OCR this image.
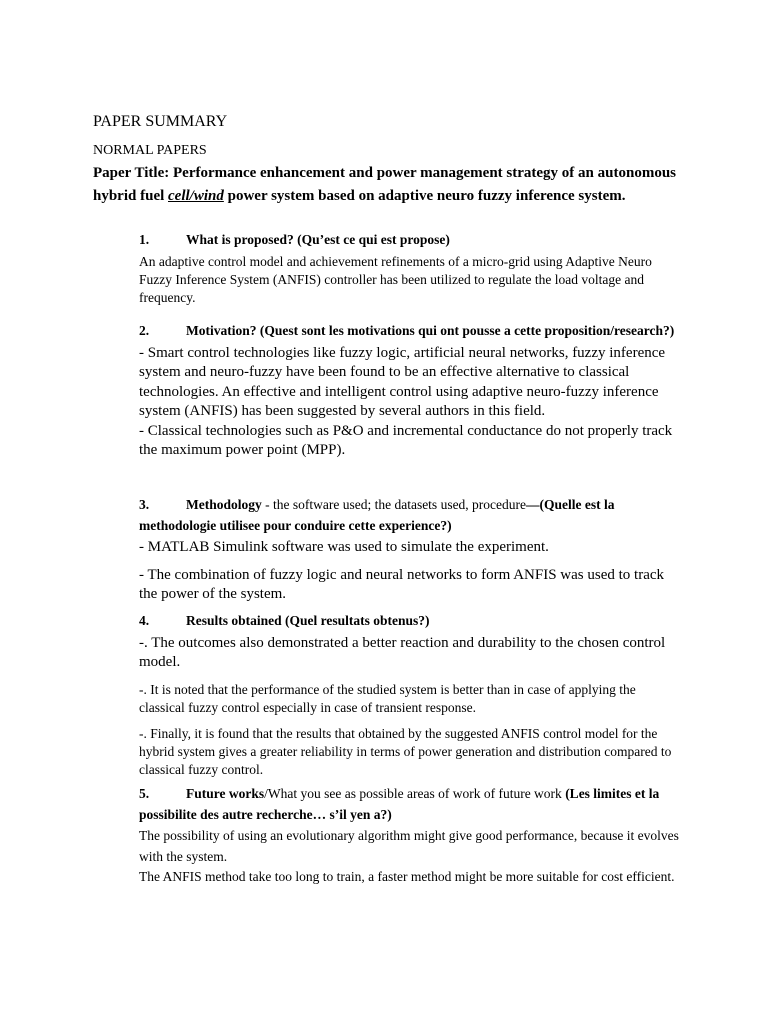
PAPER SUMMARY
NORMAL PAPERS

Paper Title: Performance enhancement and power management strategy of an autonomous hybrid fuel cell/wind power system based on adaptive neuro fuzzy inference system.

1.	What is proposed? (Qu’est ce qui est propose)

An adaptive control model and achievement refinements of a micro-grid using Adaptive Neuro Fuzzy Inference System (ANFIS) controller has been utilized to regulate the load voltage and frequency.

2.	Motivation? (Quest sont les motivations qui ont pousse a cette proposition/research?)

- Smart control technologies like fuzzy logic, artificial neural networks, fuzzy inference system and neuro-fuzzy have been found to be an effective alternative to classical technologies. An effective and intelligent control using adaptive neuro-fuzzy inference system (ANFIS) has been suggested by several authors in this field.

- Classical technologies such as P&O and incremental conductance do not properly track the maximum power point (MPP).

3.	Methodology - the software used; the datasets used, procedure—(Quelle est la methodologie utilisee pour conduire cette experience?)

- MATLAB Simulink software was used to simulate the experiment.

- The combination of fuzzy logic and neural networks to form ANFIS was used to track the power of the system.

4.	Results obtained (Quel resultats obtenus?)

-. The outcomes also demonstrated a better reaction and durability to the chosen control model.

-. It is noted that the performance of the studied system is better than in case of applying the classical fuzzy control especially in case of transient response.

-. Finally, it is found that the results that obtained by the suggested ANFIS control model for the hybrid system gives a greater reliability in terms of power generation and distribution compared to classical fuzzy control.

5.	Future works/What you see as possible areas of work of future work (Les limites et la possibilite des autre recherche… s’il yen a?)

The possibility of using an evolutionary algorithm might give good performance, because it evolves with the system.

The ANFIS method take too long to train, a faster method might be more suitable for cost efficient.
